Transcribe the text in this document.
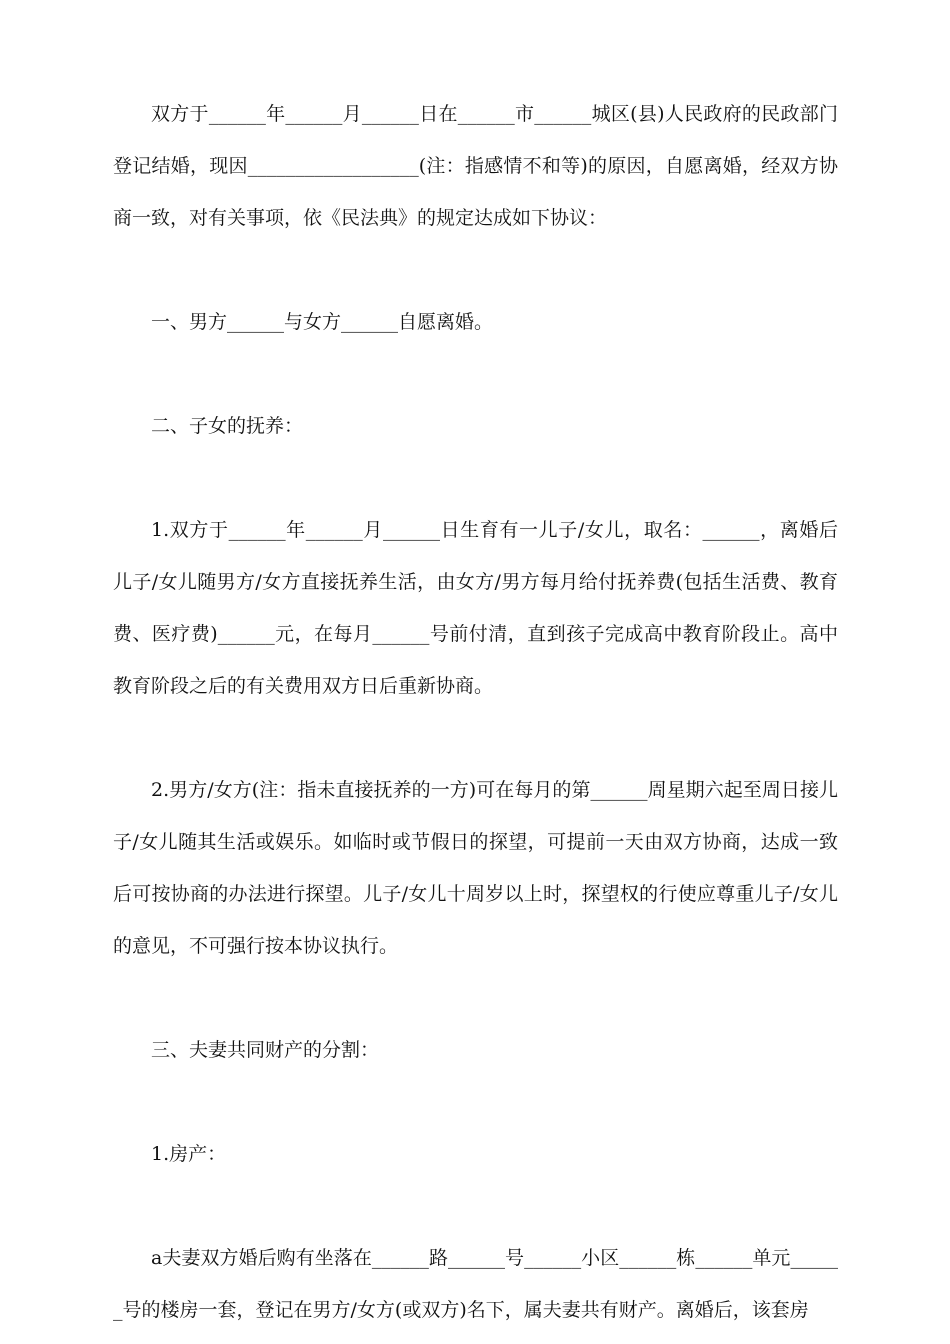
双方于______年______月______日在______市______城区(县)人民政府的民政部门登记结婚，现因__________________(注：指感情不和等)的原因，自愿离婚，经双方协商一致，对有关事项，依《民法典》的规定达成如下协议：

一、男方______与女方______自愿离婚。

二、子女的抚养：

1.双方于______年______月______日生育有一儿子/女儿，取名：______，离婚后儿子/女儿随男方/女方直接抚养生活，由女方/男方每月给付抚养费(包括生活费、教育费、医疗费)______元，在每月______号前付清，直到孩子完成高中教育阶段止。高中教育阶段之后的有关费用双方日后重新协商。

2.男方/女方(注：指未直接抚养的一方)可在每月的第______周星期六起至周日接儿子/女儿随其生活或娱乐。如临时或节假日的探望，可提前一天由双方协商，达成一致后可按协商的办法进行探望。儿子/女儿十周岁以上时，探望权的行使应尊重儿子/女儿的意见，不可强行按本协议执行。

三、夫妻共同财产的分割：

1.房产：

a夫妻双方婚后购有坐落在______路______号______小区______栋______单元______号的楼房一套，登记在男方/女方(或双方)名下，属夫妻共有财产。离婚后，该套房
